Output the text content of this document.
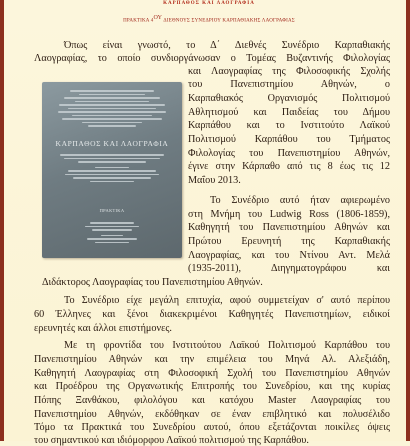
ΚΑΡΠΑΘΟΣ ΚΑΙ ΛΑΟΓΡΑΦΙΑ
ΠΡΑΚΤΙΚΑ $4^{O\Upsilon}$ ΔΙΕΘΝΟΥΣ ΣΥΝΕΔΡΙΟΥ ΚΑΡΠΑΘΙΑΚΗΣ ΛΑΟΓΡΑΦΙΑΣ
ΚΑΡΠΑΘΟΣ ΚΑΙ ΛΑΟΓΡΑΦΙΑ
ΠΡΑΚΤΙΚΑ

Όπως είναι γνωστό, το Δ΄ Διεθνές Συνέδριο Καρπαθιακής

Λαογραφίας, το οποίο συνδιοργάνωσαν ο Τομέας Βυζαντινής Φιλολογίας

και Λαογραφίας της Φιλοσοφικής Σχολής

του Πανεπιστημίου Αθηνών, ο

Καρπαθιακός Οργανισμός Πολιτισμού

Αθλητισμού και Παιδείας του Δήμου

Καρπάθου και το Ινστιτούτο Λαϊκού

Πολιτισμού Καρπάθου του Τμήματος

Φιλολογίας του Πανεπιστημίου Αθηνών,

έγινε στην Κάρπαθο από τις 8 έως τις 12

Μαΐου 2013.

Το Συνέδριο αυτό ήταν αφιερωμένο

στη Μνήμη του Ludwig Ross (1806-1859),

Καθηγητή του Πανεπιστημίου Αθηνών και

Πρώτου Ερευνητή της Καρπαθιακής

Λαογραφίας, και του Ντίνου Αντ. Μελά

(1935-2011), Διηγηματογράφου και

Διδάκτορος Λαογραφίας του Πανεπιστημίου Αθηνών.

Το Συνέδριο είχε μεγάλη επιτυχία, αφού συμμετείχαν σ' αυτό περίπου

60 Έλληνες και ξένοι διακεκριμένοι Καθηγητές Πανεπιστημίων, ειδικοί

ερευνητές και άλλοι επιστήμονες.

Με τη φροντίδα του Ινστιτούτου Λαϊκού Πολιτισμού Καρπάθου του

Πανεπιστημίου Αθηνών και την επιμέλεια του Μηνά Αλ. Αλεξιάδη,

Καθηγητή Λαογραφίας στη Φιλοσοφική Σχολή του Πανεπιστημίου Αθηνών

και Προέδρου της Οργανωτικής Επιτροπής του Συνεδρίου, και της κυρίας

Πόπης Ξανθάκου, φιλολόγου και κατόχου Master Λαογραφίας του

Πανεπιστημίου Αθηνών, εκδόθηκαν σε έναν επιβλητικό και πολυσέλιδο

Τόμο τα Πρακτικά του Συνεδρίου αυτού, όπου εξετάζονται ποικίλες όψεις

του σημαντικού και ιδιόμορφου Λαϊκού πολιτισμού της Καρπάθου.
